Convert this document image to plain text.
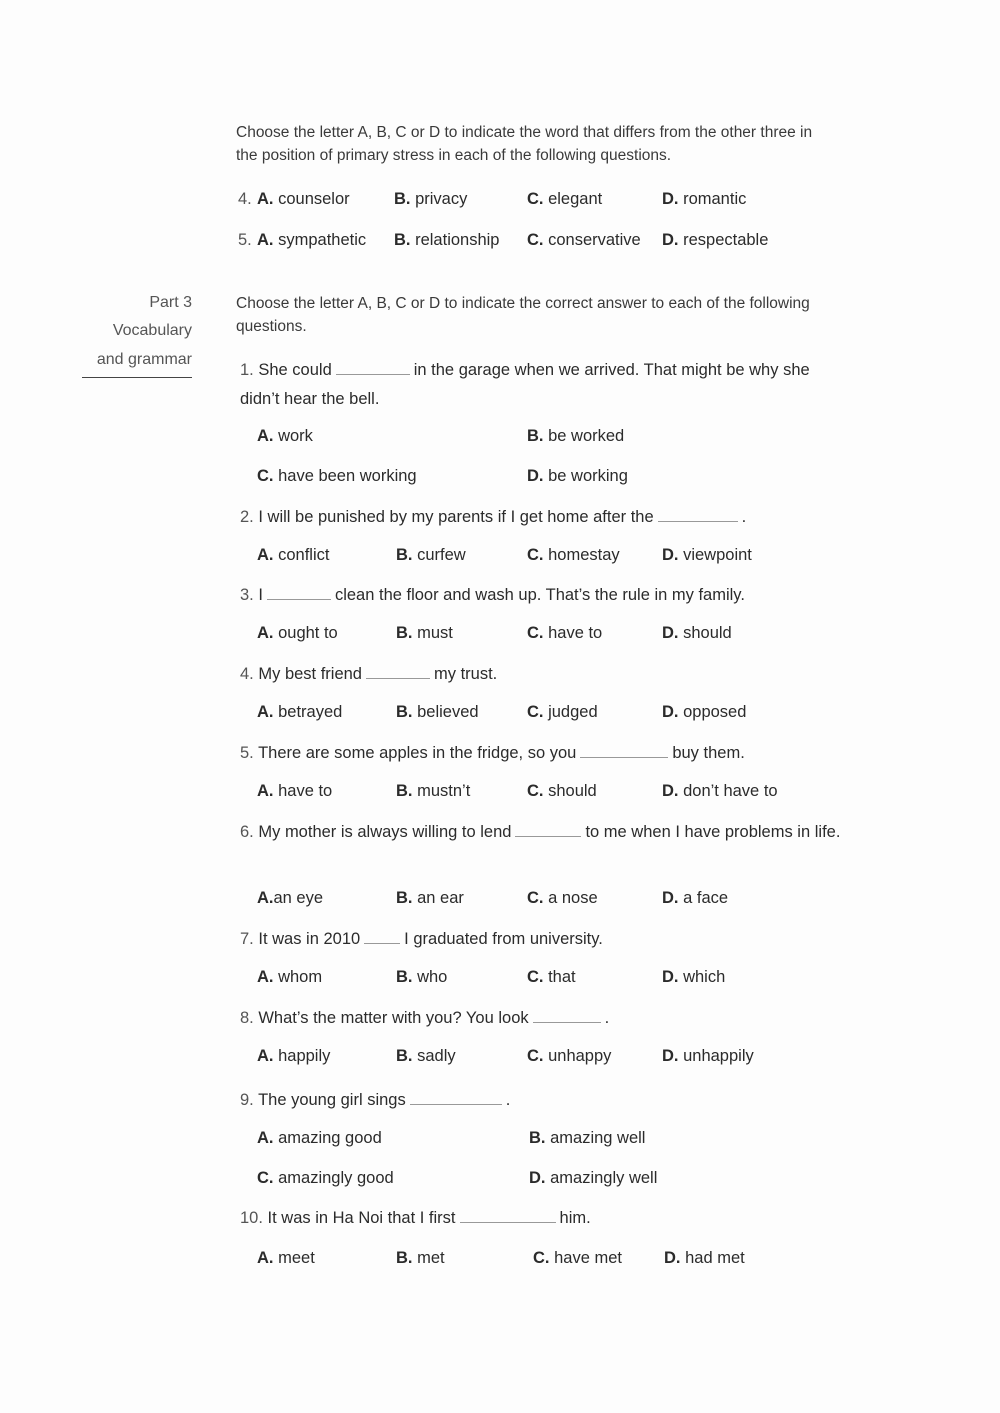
Choose the letter A, B, C or D to indicate the word that differs from the other three in the position of primary stress in each of the following questions.
4. A. counselor	B. privacy	C. elegant	D. romantic
5. A. sympathetic B. relationship C. conservative D. respectable
Part 3
Vocabulary
and grammar
Choose the letter A, B, C or D to indicate the correct answer to each of the following questions.
1. She could	in the garage when we arrived. That might be why she didn’t hear the bell.
A. work	B. be worked
C. have been working	D. be working
2. I will be punished by my parents if I get home after the	.
A. conflict	B. curfew	C. homestay	D. viewpoint
3. I	clean the floor and wash up. That’s the rule in my family.
A. ought to	B. must	C. have to	D. should
4. My best friend	my trust.
A. betrayed	B. believed	C. judged	D. opposed
5. There are some apples in the fridge, so you	buy them.
A. have to	B. mustn’t	C. should	D. don’t have to
6. My mother is always willing to lend	to me when I have problems in life.
A.an eye	B. an ear	C. a nose	D. a face
7. It was in 2010	I graduated from university.
A. whom	B. who	C. that	D. which
8. What’s the matter with you? You look	.
A. happily	B. sadly	C. unhappy	D. unhappily
9. The young girl sings	.
A. amazing good	B. amazing well
C. amazingly good	D. amazingly well
10. It was in Ha Noi that I first	him.
A. meet	B. met	C. have met	D. had met
